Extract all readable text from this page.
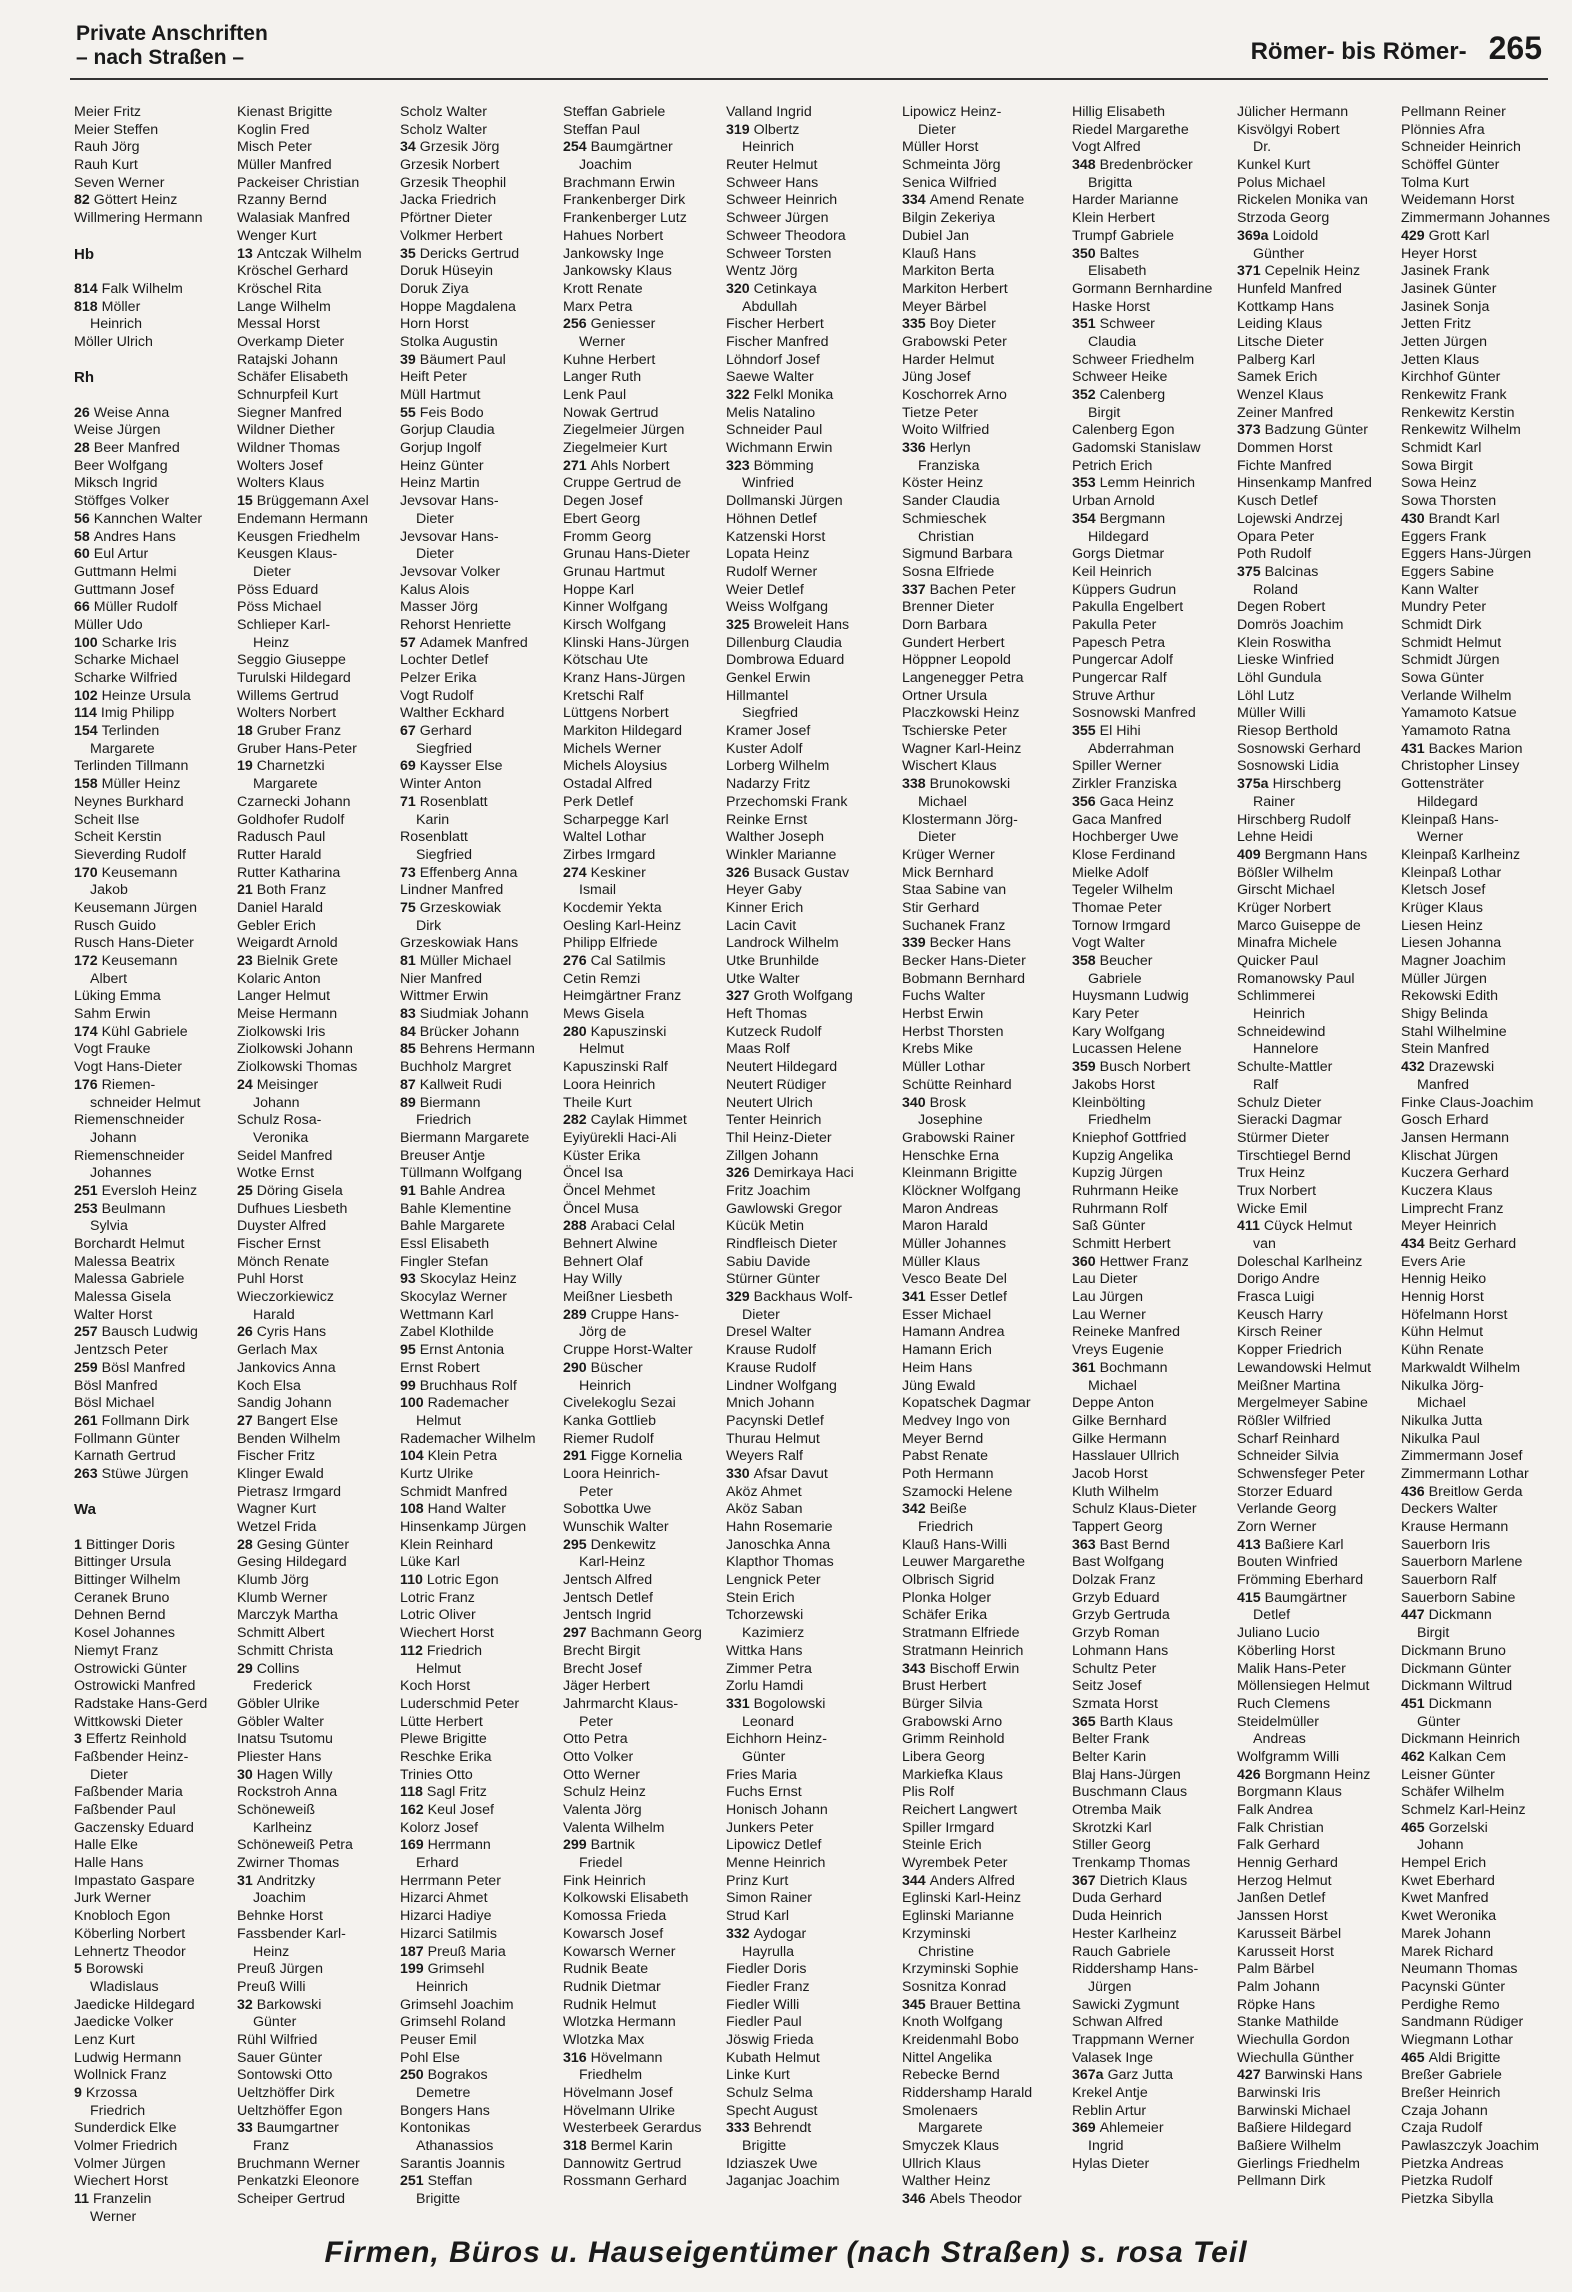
Private Anschriften
– nach Straßen –	Römer- bis Römer- 265
Meier Fritz
Meier Steffen
Rauh Jörg
Rauh Kurt
Seven Werner
82 Göttert Heinz
Willmering Hermann
Hb
814 Falk Wilhelm
818 Möller
Heinrich
Möller Ulrich
Rh
26 Weise Anna
Weise Jürgen
28 Beer Manfred
Beer Wolfgang
Miksch Ingrid
Stöffges Volker
56 Kannchen Walter
58 Andres Hans
60 Eul Artur
Guttmann Helmi
Guttmann Josef
66 Müller Rudolf
Müller Udo
100 Scharke Iris
Scharke Michael
Scharke Wilfried
102 Heinze Ursula
114 Imig Philipp
154 Terlinden
Margarete
Terlinden Tillmann
158 Müller Heinz
Neynes Burkhard
Scheit Ilse
Scheit Kerstin
Sieverding Rudolf
170 Keusemann
Jakob
Keusemann Jürgen
Rusch Guido
Rusch Hans-Dieter
172 Keusemann
Albert
Lüking Emma
Sahm Erwin
174 Kühl Gabriele
Vogt Frauke
Vogt Hans-Dieter
176 Riemen-
schneider Helmut
Riemenschneider
Johann
Riemenschneider
Johannes
251 Eversloh Heinz
253 Beulmann
Sylvia
Borchardt Helmut
Malessa Beatrix
Malessa Gabriele
Malessa Gisela
Walter Horst
257 Bausch Ludwig
Jentzsch Peter
259 Bösl Manfred
Bösl Manfred
Bösl Michael
261 Follmann Dirk
Follmann Günter
Karnath Gertrud
263 Stüwe Jürgen
Wa
1 Bittinger Doris
Bittinger Ursula
Bittinger Wilhelm
Ceranek Bruno
Dehnen Bernd
Kosel Johannes
Niemyt Franz
Ostrowicki Günter
Ostrowicki Manfred
Radstake Hans-Gerd
Wittkowski Dieter
3 Effertz Reinhold
Faßbender Heinz-
Dieter
Faßbender Maria
Faßbender Paul
Gaczensky Eduard
Halle Elke
Halle Hans
Impastato Gaspare
Jurk Werner
Knobloch Egon
Köberling Norbert
Lehnertz Theodor
5 Borowski
Wladislaus
Jaedicke Hildegard
Jaedicke Volker
Lenz Kurt
Ludwig Hermann
Wollnick Franz
9 Krzossa
Friedrich
Sunderdick Elke
Volmer Friedrich
Volmer Jürgen
Wiechert Horst
11 Franzelin
Werner
Kienast Brigitte
Koglin Fred
Misch Peter
Müller Manfred
Packeiser Christian
Rzanny Bernd
Walasiak Manfred
Wenger Kurt
13 Antczak Wilhelm
Kröschel Gerhard
Kröschel Rita
Lange Wilhelm
Messal Horst
Overkamp Dieter
Ratajski Johann
Schäfer Elisabeth
Schnurpfeil Kurt
Siegner Manfred
Wildner Diether
Wildner Thomas
Wolters Josef
Wolters Klaus
15 Brüggemann Axel
Endemann Hermann
Keusgen Friedhelm
Keusgen Klaus-
Dieter
Pöss Eduard
Pöss Michael
Schlieper Karl-
Heinz
Seggio Giuseppe
Turulski Hildegard
Willems Gertrud
Wolters Norbert
18 Gruber Franz
Gruber Hans-Peter
19 Charnetzki
Margarete
Czarnecki Johann
Goldhofer Rudolf
Radusch Paul
Rutter Harald
Rutter Katharina
21 Both Franz
Daniel Harald
Gebler Erich
Weigardt Arnold
23 Bielnik Grete
Kolaric Anton
Langer Helmut
Meise Hermann
Ziolkowski Iris
Ziolkowski Johann
Ziolkowski Thomas
24 Meisinger
Johann
Schulz Rosa-
Veronika
Seidel Manfred
Wotke Ernst
25 Döring Gisela
Dufhues Liesbeth
Duyster Alfred
Fischer Ernst
Mönch Renate
Puhl Horst
Wieczorkiewicz
Harald
26 Cyris Hans
Gerlach Max
Jankovics Anna
Koch Elsa
Sandig Johann
27 Bangert Else
Benden Wilhelm
Fischer Fritz
Klinger Ewald
Pietrasz Irmgard
Wagner Kurt
Wetzel Frida
28 Gesing Günter
Gesing Hildegard
Klumb Jörg
Klumb Werner
Marczyk Martha
Schmitt Albert
Schmitt Christa
29 Collins
Frederick
Göbler Ulrike
Göbler Walter
Inatsu Tsutomu
Pliester Hans
30 Hagen Willy
Rockstroh Anna
Schöneweiß
Karlheinz
Schöneweiß Petra
Zwirner Thomas
31 Andritzky
Joachim
Behnke Horst
Fassbender Karl-
Heinz
Preuß Jürgen
Preuß Willi
32 Barkowski
Günter
Rühl Wilfried
Sauer Günter
Sontowski Otto
Ueltzhöffer Dirk
Ueltzhöffer Egon
33 Baumgartner
Franz
Bruchmann Werner
Penkatzki Eleonore
Scheiper Gertrud
Scholz Walter
Scholz Walter
34 Grzesik Jörg
Grzesik Norbert
Grzesik Theophil
Jacka Friedrich
Pförtner Dieter
Volkmer Herbert
35 Dericks Gertrud
Doruk Hüseyin
Doruk Ziya
Hoppe Magdalena
Horn Horst
Stolka Augustin
39 Bäumert Paul
Heift Peter
Müll Hartmut
55 Feis Bodo
Gorjup Claudia
Gorjup Ingolf
Heinz Günter
Heinz Martin
Jevsovar Hans-
Dieter
Jevsovar Hans-
Dieter
Jevsovar Volker
Kalus Alois
Masser Jörg
Rehorst Henriette
57 Adamek Manfred
Lochter Detlef
Pelzer Erika
Vogt Rudolf
Walther Eckhard
67 Gerhard
Siegfried
69 Kaysser Else
Winter Anton
71 Rosenblatt
Karin
Rosenblatt
Siegfried
73 Effenberg Anna
Lindner Manfred
75 Grzeskowiak
Dirk
Grzeskowiak Hans
81 Müller Michael
Nier Manfred
Wittmer Erwin
83 Siudmiak Johann
84 Brücker Johann
85 Behrens Hermann
Buchholz Margret
87 Kallweit Rudi
89 Biermann
Friedrich
Biermann Margarete
Breuser Antje
Tüllmann Wolfgang
91 Bahle Andrea
Bahle Klementine
Bahle Margarete
Essl Elisabeth
Fingler Stefan
93 Skocylaz Heinz
Skocylaz Werner
Wettmann Karl
Zabel Klothilde
95 Ernst Antonia
Ernst Robert
99 Bruchhaus Rolf
100 Rademacher
Helmut
Rademacher Wilhelm
104 Klein Petra
Kurtz Ulrike
Schmidt Manfred
108 Hand Walter
Hinsenkamp Jürgen
Klein Reinhard
Lüke Karl
110 Lotric Egon
Lotric Franz
Lotric Oliver
Wiechert Horst
112 Friedrich
Helmut
Koch Horst
Ludersch​mid Peter
Lütte Herbert
Plewe Brigitte
Reschke Erika
Trinies Otto
118 Sagl Fritz
162 Keul Josef
Kolorz Josef
169 Herrmann
Erhard
Herrmann Peter
Hizarci Ahmet
Hizarci Hadiye
Hizarci Satilmis
187 Preuß Maria
199 Grimsehl
Heinrich
Grimsehl Joachim
Grimsehl Roland
Peuser Emil
Pohl Else
250 Bograkos
Demetre
Bongers Hans
Kontonikas
Athanassios
Sarantis Joannis
251 Steffan
Brigitte
Steffan Gabriele
Steffan Paul
254 Baumgärtner
Joachim
Brachmann Erwin
Frankenberger Dirk
Frankenberger Lutz
Hahues Norbert
Jankowsky Inge
Jankowsky Klaus
Krott Renate
Marx Petra
256 Geniesser
Werner
Kuhne Herbert
Langer Ruth
Lenk Paul
Nowak Gertrud
Ziegelmeier Jürgen
Ziegelmeier Kurt
271 Ahls Norbert
Cruppe Gertrud de
Degen Josef
Ebert Georg
Fromm Georg
Grunau Hans-Dieter
Grunau Hartmut
Hoppe Karl
Kinner Wolfgang
Kirsch Wolfgang
Klinski Hans-Jürgen
Kötschau Ute
Kranz Hans-Jürgen
Kretschi Ralf
Lüttgens Norbert
Markiton Hildegard
Michels Werner
Michels Aloysius
Ostadal Alfred
Perk Detlef
Scharpegge Karl
Waltel Lothar
Zirbes Irmgard
274 Keskiner
Ismail
Kocdemir Yekta
Oesling Karl-Heinz
Philipp Elfriede
276 Cal Satilmis
Cetin Remzi
Heimgärtner Franz
Mews Gisela
280 Kapuszinski
Helmut
Kapuszinski Ralf
Loora Heinrich
Theile Kurt
282 Caylak Himmet
Eyiyürekli Haci-Ali
Küster Erika
Öncel Isa
Öncel Mehmet
Öncel Musa
288 Arabaci Celal
Behnert Alwine
Behnert Olaf
Hay Willy
Meißner Liesbeth
289 Cruppe Hans-
Jörg de
Cruppe Horst-Walter
290 Büscher
Heinrich
Civelekoglu Sezai
Kanka Gottlieb
Riemer Rudolf
291 Figge Kornelia
Loora Heinrich-
Peter
Sobottka Uwe
Wunschik Walter
295 Denkewitz
Karl-Heinz
Jentsch Alfred
Jentsch Detlef
Jentsch Ingrid
297 Bachmann Georg
Brecht Birgit
Brecht Josef
Jäger Herbert
Jahrmarcht Klaus-
Peter
Otto Petra
Otto Volker
Otto Werner
Schulz Heinz
Valenta Jörg
Valenta Wilhelm
299 Bartnik
Friedel
Fink Heinrich
Kolkowski Elisabeth
Komossa Frieda
Kowarsch Josef
Kowarsch Werner
Rudnik Beate
Rudnik Dietmar
Rudnik Helmut
Wlotzka Hermann
Wlotzka Max
316 Hövelmann
Friedhelm
Hövelmann Josef
Hövelmann Ulrike
Westerbeek Gerardus
318 Bermel Karin
Dannowitz Gertrud
Rossmann Gerhard
Valland Ingrid
319 Olbertz
Heinrich
Reuter Helmut
Schweer Hans
Schweer Heinrich
Schweer Jürgen
Schweer Theodora
Schweer Torsten
Wentz Jörg
320 Cetinkaya
Abdullah
Fischer Herbert
Fischer Manfred
Löhndorf Josef
Saewe Walter
322 Felkl Monika
Melis Natalino
Schneider Paul
Wichmann Erwin
323 Bömming
Winfried
Dollmanski Jürgen
Höhnen Detlef
Katzenski Horst
Lopata Heinz
Rudolf Werner
Weier Detlef
Weiss Wolfgang
325 Broweleit Hans
Dillenburg Claudia
Dombrowa Eduard
Genkel Erwin
Hillmantel
Siegfried
Kramer Josef
Kuster Adolf
Lorberg Wilhelm
Nadarzy Fritz
Przechomski Frank
Reinke Ernst
Walther Joseph
Winkler Marianne
326 Busack Gustav
Heyer Gaby
Kinner Erich
Lacin Cavit
Landrock Wilhelm
Utke Brunhilde
Utke Walter
327 Groth Wolfgang
Heft Thomas
Kutzeck Rudolf
Maas Rolf
Neutert Hildegard
Neutert Rüdiger
Neutert Ulrich
Tenter Heinrich
Thil Heinz-Dieter
Zillgen Johann
326 Demirkaya Haci
Fritz Joachim
Gawlowski Gregor
Kücük Metin
Rindfleisch Dieter
Sabiu Davide
Stürner Günter
329 Backhaus Wolf-
Dieter
Dresel Walter
Krause Rudolf
Krause Rudolf
Lindner Wolfgang
Mnich Johann
Pacynski Detlef
Thurau Helmut
Weyers Ralf
330 Afsar Davut
Aköz Ahmet
Aköz Saban
Hahn Rosemarie
Janoschka Anna
Klapthor Thomas
Lengnick Peter
Stein Erich
Tchorzewski
Kazimierz
Wittka Hans
Zimmer Petra
Zorlu Hamdi
331 Bogolowski
Leonard
Eichhorn Heinz-
Günter
Fries Maria
Fuchs Ernst
Honisch Johann
Junkers Peter
Lipowicz Detlef
Menne Heinrich
Prinz Kurt
Simon Rainer
Strud Karl
332 Aydogar
Hayrulla
Fiedler Doris
Fiedler Franz
Fiedler Willi
Fiedler Paul
Jöswig Frieda
Kubath Helmut
Linke Kurt
Schulz Selma
Specht August
333 Behrendt
Brigitte
Idziaszek Uwe
Jaganjac Joachim
Lipowicz Heinz-
Dieter
Müller Horst
Schmeinta Jörg
Senica Wilfried
334 Amend Renate
Bilgin Zekeriya
Dubiel Jan
Klauß Hans
Markiton Berta
Markiton Herbert
Meyer Bärbel
335 Boy Dieter
Grabowski Peter
Harder Helmut
Jüng Josef
Koschorrek Arno
Tietze Peter
Woito Wilfried
336 Herlyn
Franziska
Köster Heinz
Sander Claudia
Schmieschek
Christian
Sigmund Barbara
Sosna Elfriede
337 Bachen Peter
Brenner Dieter
Dorn Barbara
Gundert Herbert
Höppner Leopold
Langenegger Petra
Ortner Ursula
Placzkowski Heinz
Tschierske Peter
Wagner Karl-Heinz
Wischert Klaus
338 Brunokowski
Michael
Klostermann Jörg-
Dieter
Krüger Werner
Mick Bernhard
Staa Sabine van
Stir Gerhard
Suchanek Franz
339 Becker Hans
Becker Hans-Dieter
Bobmann Bernhard
Fuchs Walter
Herbst Erwin
Herbst Thorsten
Krebs Mike
Müller Lothar
Schütte Reinhard
340 Brosk
Josephine
Grabowski Rainer
Henschke Erna
Kleinmann Brigitte
Klöckner Wolfgang
Maron Andreas
Maron Harald
Müller Johannes
Müller Klaus
Vesco Beate Del
341 Esser Detlef
Esser Michael
Hamann Andrea
Hamann Erich
Heim Hans
Jüng Ewald
Kopatschek Dagmar
Medvey Ingo von
Meyer Bernd
Pabst Renate
Poth Hermann
Szamocki Helene
342 Beiße
Friedrich
Klauß Hans-Willi
Leuwer Margarethe
Olbrisch Sigrid
Plonka Holger
Schäfer Erika
Stratmann Elfriede
Stratmann Heinrich
343 Bischoff Erwin
Brust Herbert
Bürger Silvia
Grabowski Arno
Grimm Reinhold
Libera Georg
Markiefka Klaus
Plis Rolf
Reichert Langwert
Spiller Irmgard
Steinle Erich
Wyrembek Peter
344 Anders Alfred
Eglinski Karl-Heinz
Eglinski Marianne
Krzyminski
Christine
Krzyminski Sophie
Sosnitza Konrad
345 Brauer Bettina
Knoth Wolfgang
Kreidenmahl Bobo
Nittel Angelika
Rebecke Bernd
Riddershamp Harald
Smolenaers
Margarete
Smyczek Klaus
Ullrich Klaus
Walther Heinz
346 Abels Theodor
Hillig Elisabeth
Riedel Margarethe
Vogt Alfred
348 Bredenbröcker
Brigitta
Harder Marianne
Klein Herbert
Trumpf Gabriele
350 Baltes
Elisabeth
Gormann Bernhardine
Haske Horst
351 Schweer
Claudia
Schweer Friedhelm
Schweer Heike
352 Calenberg
Birgit
Calenberg Egon
Gadomski Stanislaw
Petrich Erich
353 Lemm Heinrich
Urban Arnold
354 Bergmann
Hildegard
Gorgs Dietmar
Keil Heinrich
Küppers Gudrun
Pakulla Engelbert
Pakulla Peter
Papesch Petra
Pungercar Adolf
Pungercar Ralf
Struve Arthur
Sosnowski Manfred
355 El Hihi
Abderrahman
Spiller Werner
Zirkler Franziska
356 Gaca Heinz
Gaca Manfred
Hochberger Uwe
Klose Ferdinand
Mielke Adolf
Tegeler Wilhelm
Thomae Peter
Tornow Irmgard
Vogt Walter
358 Beucher
Gabriele
Huysmann Ludwig
Kary Peter
Kary Wolfgang
Lucassen Helene
359 Busch Norbert
Jakobs Horst
Kleinbölting
Friedhelm
Kniephof Gottfried
Kupzig Angelika
Kupzig Jürgen
Ruhrmann Heike
Ruhrmann Rolf
Saß Günter
Schmitt Herbert
360 Hettwer Franz
Lau Dieter
Lau Jürgen
Lau Werner
Reineke Manfred
Vreys Eugenie
361 Bochmann
Michael
Deppe Anton
Gilke Bernhard
Gilke Hermann
Hasslauer Ullrich
Jacob Horst
Kluth Wilhelm
Schulz Klaus-Dieter
Tappert Georg
363 Bast Bernd
Bast Wolfgang
Dolzak Franz
Grzyb Eduard
Grzyb Gertruda
Grzyb Roman
Lohmann Hans
Schultz Peter
Seitz Josef
Szmata Horst
365 Barth Klaus
Belter Frank
Belter Karin
Blaj Hans-Jürgen
Buschmann Claus
Otremba Maik
Skrotzki Karl
Stiller Georg
Trenkamp Thomas
367 Dietrich Klaus
Duda Gerhard
Duda Heinrich
Hester Karlheinz
Rauch Gabriele
Riddershamp Hans-
Jürgen
Sawicki Zygmunt
Schwan Alfred
Trappmann Werner
Valasek Inge
367a Garz Jutta
Krekel Antje
Reblin Artur
369 Ahlemeier
Ingrid
Hylas Dieter
Jülicher Hermann
Kisvölgyi Robert
Dr.
Kunkel Kurt
Polus Michael
Rickelen Monika van
Strzoda Georg
369a Loidold
Günther
371 Cepelnik Heinz
Hunfeld Manfred
Kottkamp Hans
Leiding Klaus
Litsche Dieter
Palberg Karl
Samek Erich
Wenzel Klaus
Zeiner Manfred
373 Badzung Günter
Dommen Horst
Fichte Manfred
Hinsenkamp Manfred
Kusch Detlef
Lojewski Andrzej
Opara Peter
Poth Rudolf
375 Balcinas
Roland
Degen Robert
Domrös Joachim
Klein Roswitha
Lieske Winfried
Löhl Gundula
Löhl Lutz
Müller Willi
Riesop Berthold
Sosnowski Gerhard
Sosnowski Lidia
375a Hirschberg
Rainer
Hirschberg Rudolf
Lehne Heidi
409 Bergmann Hans
Bößler Wilhelm
Girscht Michael
Krüger Norbert
Marco Guiseppe de
Minafra Michele
Quicker Paul
Romanowsky Paul
Schlimmerei
Heinrich
Schneidewind
Hannelore
Schulte-Mattler
Ralf
Schulz Dieter
Sieracki Dagmar
Stürmer Dieter
Tirschtiegel Bernd
Trux Heinz
Trux Norbert
Wicke Emil
411 Cüyck Helmut
van
Doleschal Karlheinz
Dorigo Andre
Frasca Luigi
Keusch Harry
Kirsch Reiner
Kopper Friedrich
Lewandowski Helmut
Meißner Martina
Mergelmeyer Sabine
Rößler Wilfried
Scharf Reinhard
Schneider Silvia
Schwensfeger Peter
Storzer Eduard
Verlande Georg
Zorn Werner
413 Baßiere Karl
Bouten Winfried
Frömming Eberhard
415 Baumgärtner
Detlef
Juliano Lucio
Köberling Horst
Malik Hans-Peter
Möllensiegen Helmut
Ruch Clemens
Steidelmüller
Andreas
Wolfgramm Willi
426 Borgmann Heinz
Borgmann Klaus
Falk Andrea
Falk Christian
Falk Gerhard
Hennig Gerhard
Herzog Helmut
Janßen Detlef
Janssen Horst
Karusseit Bärbel
Karusseit Horst
Palm Bärbel
Palm Johann
Röpke Hans
Stanke Mathilde
Wiechulla Gordon
Wiechulla Günther
427 Barwinski Hans
Barwinski Iris
Barwinski Michael
Baßiere Hildegard
Baßiere Wilhelm
Gierlings Friedhelm
Pellmann Dirk
Pellmann Reiner
Plönnies Afra
Schneider Heinrich
Schöffel Günter
Tolma Kurt
Weidemann Horst
Zimmermann Johannes
429 Grott Karl
Heyer Horst
Jasinek Frank
Jasinek Günter
Jasinek Sonja
Jetten Fritz
Jetten Jürgen
Jetten Klaus
Kirchhof Günter
Renkewitz Frank
Renkewitz Kerstin
Renkewitz Wilhelm
Schmidt Karl
Sowa Birgit
Sowa Heinz
Sowa Thorsten
430 Brandt Karl
Eggers Frank
Eggers Hans-Jürgen
Eggers Sabine
Kann Walter
Mundry Peter
Schmidt Dirk
Schmidt Helmut
Schmidt Jürgen
Sowa Günter
Verlande Wilhelm
Yamamoto Katsue
Yamamoto Ratna
431 Backes Marion
Christopher Linsey
Gottensträter
Hildegard
Kleinpaß Hans-
Werner
Kleinpaß Karlheinz
Kleinpaß Lothar
Kletsch Josef
Krüger Klaus
Liesen Heinz
Liesen Johanna
Magner Joachim
Müller Jürgen
Rekowski Edith
Shigy Belinda
Stahl Wilhelmine
Stein Manfred
432 Drazewski
Manfred
Finke Claus-Joachim
Gosch Erhard
Jansen Hermann
Klischat Jürgen
Kuczera Gerhard
Kuczera Klaus
Limprecht Franz
Meyer Heinrich
434 Beitz Gerhard
Evers Arie
Hennig Heiko
Hennig Horst
Höfelmann Horst
Kühn Helmut
Kühn Renate
Markwaldt Wilhelm
Nikulka Jörg-
Michael
Nikulka Jutta
Nikulka Paul
Zimmermann Josef
Zimmermann Lothar
436 Breitlow Gerda
Deckers Walter
Krause Hermann
Sauerborn Iris
Sauerborn Marlene
Sauerborn Ralf
Sauerborn Sabine
447 Dickmann
Birgit
Dickmann Bruno
Dickmann Günter
Dickmann Wiltrud
451 Dickmann
Günter
Dickmann Heinrich
462 Kalkan Cem
Leisner Günter
Schäfer Wilhelm
Schmelz Karl-Heinz
465 Gorzelski
Johann
Hempel Erich
Kwet Eberhard
Kwet Manfred
Kwet Weronika
Marek Johann
Marek Richard
Neumann Thomas
Pacynski Günter
Perdighe Remo
Sandmann Rüdiger
Wiegmann Lothar
465 Aldi Brigitte
Breßer Gabriele
Breßer Heinrich
Czaja Johann
Czaja Rudolf
Pawlaszczyk Joachim
Pietzka Andreas
Pietzka Rudolf
Pietzka Sibylla
Firmen, Büros u. Hauseigentümer (nach Straßen) s. rosa Teil
